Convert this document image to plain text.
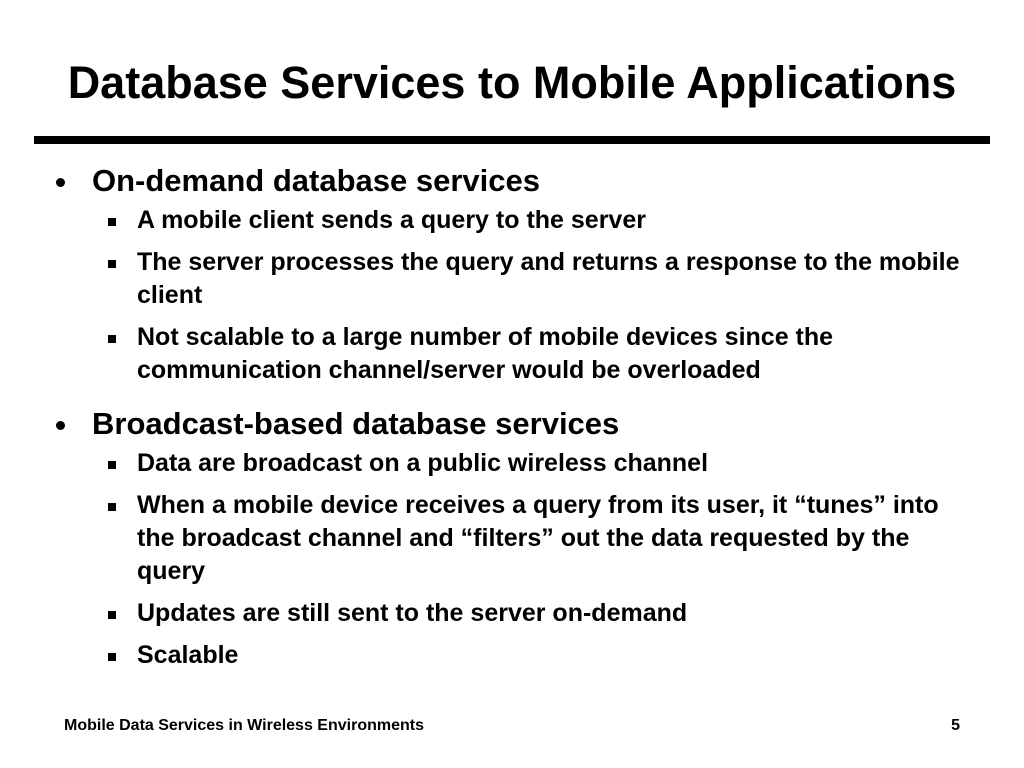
Database Services to Mobile Applications
On-demand database services
A mobile client sends a query to the server
The server processes the query and returns a response to the mobile client
Not scalable to a large number of mobile devices since the communication channel/server would be overloaded
Broadcast-based database services
Data are broadcast on a public wireless channel
When a mobile device receives a query from its user, it “tunes” into the broadcast channel and “filters” out the data requested by the query
Updates are still sent to the server on-demand
Scalable
Mobile Data Services in Wireless Environments	5
